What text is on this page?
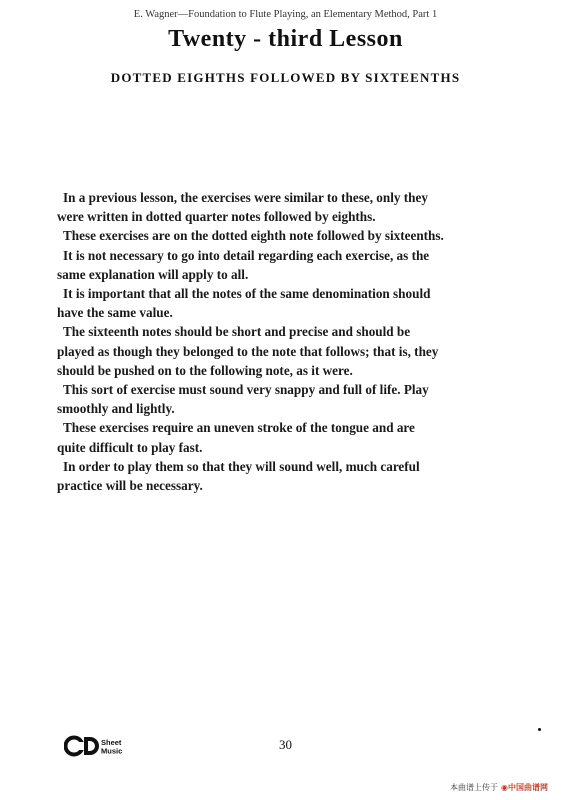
E. Wagner—Foundation to Flute Playing, an Elementary Method, Part 1
Twenty - third Lesson
DOTTED EIGHTHS FOLLOWED BY SIXTEENTHS

In a previous lesson, the exercises were similar to these, only they
were written in dotted quarter notes followed by eighths.

These exercises are on the dotted eighth note followed by sixteenths.

It is not necessary to go into detail regarding each exercise, as the
same explanation will apply to all.

It is important that all the notes of the same denomination should
have the same value.

The sixteenth notes should be short and precise and should be
played as though they belonged to the note that follows; that is, they
should be pushed on to the following note, as it were.

This sort of exercise must sound very snappy and full of life. Play
smoothly and lightly.

These exercises require an uneven stroke of the tongue and are
quite difficult to play fast.

In order to play them so that they will sound well, much careful
practice will be necessary.

Sheet
Music	30
本曲谱上传于 ◉ 中国曲谱网
